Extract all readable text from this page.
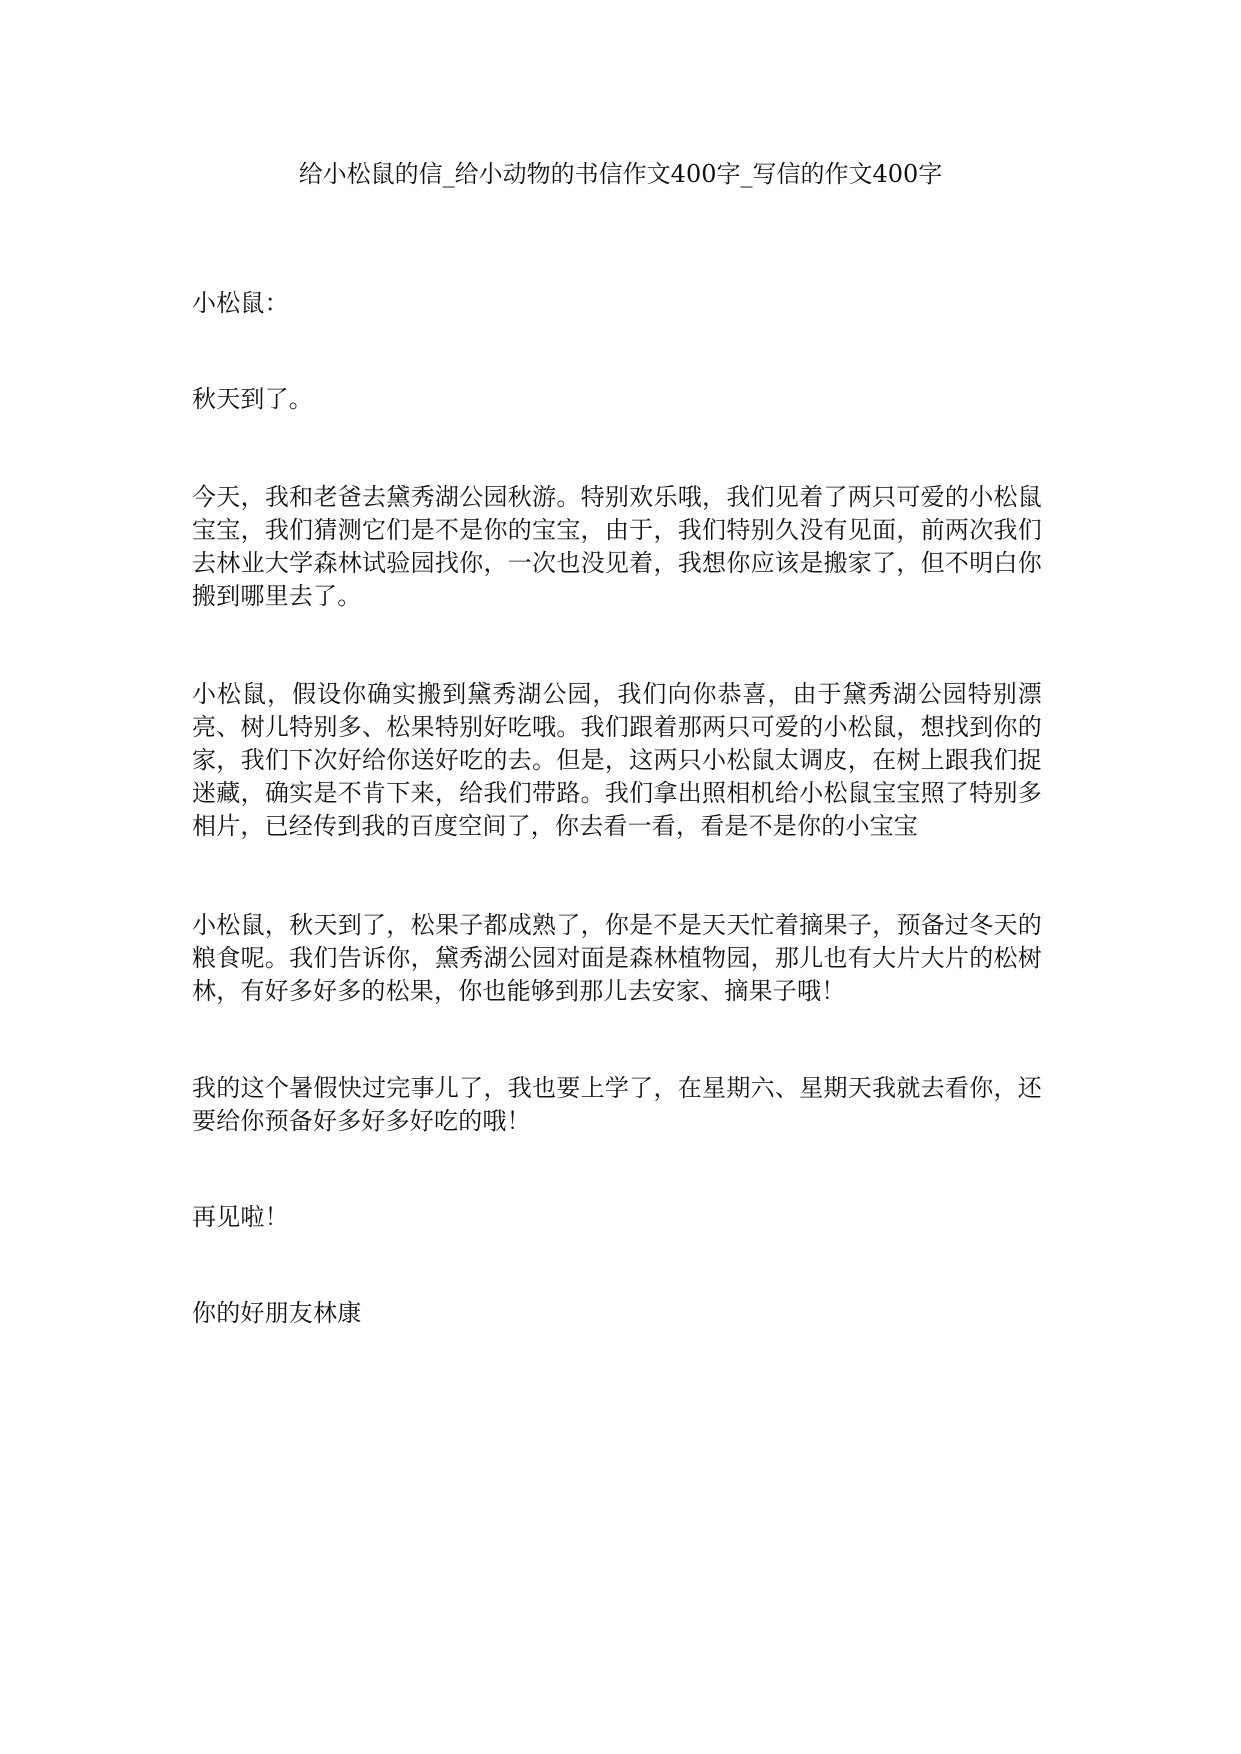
给小松鼠的信_给小动物的书信作文400字_写信的作文400字

小松鼠：

秋天到了。

今天，我和老爸去黛秀湖公园秋游。特别欢乐哦，我们见着了两只可爱的小松鼠宝宝，我们猜测它们是不是你的宝宝，由于，我们特别久没有见面，前两次我们去林业大学森林试验园找你，一次也没见着，我想你应该是搬家了，但不明白你搬到哪里去了。

小松鼠，假设你确实搬到黛秀湖公园，我们向你恭喜，由于黛秀湖公园特别漂亮、树儿特别多、松果特别好吃哦。我们跟着那两只可爱的小松鼠，想找到你的家，我们下次好给你送好吃的去。但是，这两只小松鼠太调皮，在树上跟我们捉迷藏，确实是不肯下来，给我们带路。我们拿出照相机给小松鼠宝宝照了特别多相片，已经传到我的百度空间了，你去看一看，看是不是你的小宝宝

小松鼠，秋天到了，松果子都成熟了，你是不是天天忙着摘果子，预备过冬天的粮食呢。我们告诉你，黛秀湖公园对面是森林植物园，那儿也有大片大片的松树林，有好多好多的松果，你也能够到那儿去安家、摘果子哦！

我的这个暑假快过完事儿了，我也要上学了，在星期六、星期天我就去看你，还要给你预备好多好多好吃的哦！

再见啦！

你的好朋友林康
